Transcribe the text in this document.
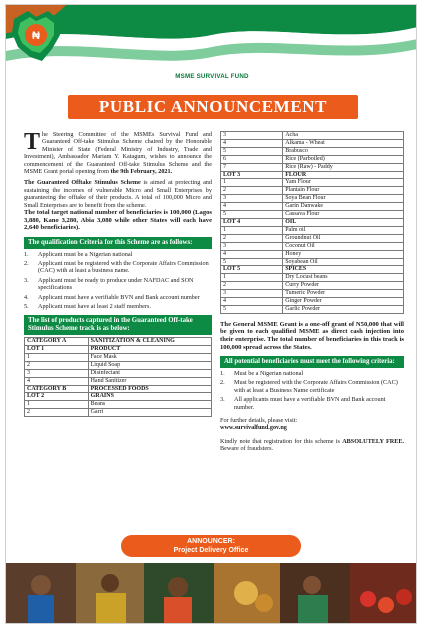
₦
MSME SURVIVAL FUND
PUBLIC ANNOUNCEMENT
The Steering Committee of the MSMEs Survival Fund and Guaranteed Off-take Stimulus Scheme chaired by the Honorable Minister of State (Federal Ministry of Industry, Trade and Investment), Ambassador Mariam Y. Katagum, wishes to announce the commencement of the Guaranteed Off-take Stimulus Scheme and the MSME Grant portal opening from the 9th February, 2021.
The Guaranteed Offtake Stimulus Scheme is aimed at protecting and sustaining the incomes of vulnerable Micro and Small Enterprises by guaranteeing the offtake of their products. A total of 100,000 Micro and Small Enterprises are to benefit from the scheme.
The total target national number of beneficiaries is 100,000 (Lagos 3,880, Kano 3,280, Abia 3,080 while other States will each have 2,640 beneficiaries).
The qualification Criteria for this Scheme are as follows:
1.	Applicant must be a Nigerian national
2.	Applicant must be registered with the Corporate Affairs Commission (CAC) with at least a business name.
3.	Applicant must be ready to produce under NAFDAC and SON specifications
4.	Applicant must have a verifiable BVN and Bank account number
5.	Applicant must have at least 2 staff members.
The list of products captured in the Guaranteed Off-take Stimulus Scheme track is as below:
CATEGORY A	SANITIZATION & CLEANING
LOT 1	PRODUCT
1	Face Mask
2	Liquid Soap
3	Disinfectant
4	Hand Sanitizer
CATEGORY B	PROCESSED FOODS
LOT 2	GRAINS
1	Beans
2	Garri
3	Acha
4	Alkama - Wheat
5	Brabusco
6	Rice (Parboiled)
7	Rice (Raw) - Paddy
LOT 3	FLOUR
1	Yam Flour
2	Plantain Flour
3	Soya Bean Flour
4	Garin Danwake
5	Cassava Flour
LOT 4	OIL
1	Palm oil
2	Groundnut Oil
3	Coconut Oil
4	Honey
5	Soyabean Oil
LOT 5	SPICES
1	Dry Locust beans
2	Curry Powder
3	Tumeric Powder
4	Ginger Powder
5	Garlic Powder
The General MSME Grant is a one-off grant of N50,000 that will be given to each qualified MSME as direct cash injection into their enterprise. The total number of beneficiaries in this track is 100,000 spread across the States.
All potential beneficiaries must meet the following criteria:
1.	Must be a Nigerian national
2.	Must be registered with the Corporate Affairs Commission (CAC) with at least a Business Name certificate
3.	All applicants must have a verifiable BVN and Bank account number.
For further details, please visit:
www.survivalfund.gov.ng
Kindly note that registration for this scheme is ABSOLUTELY FREE. Beware of fraudsters.
ANNOUNCER:
Project Delivery Office
